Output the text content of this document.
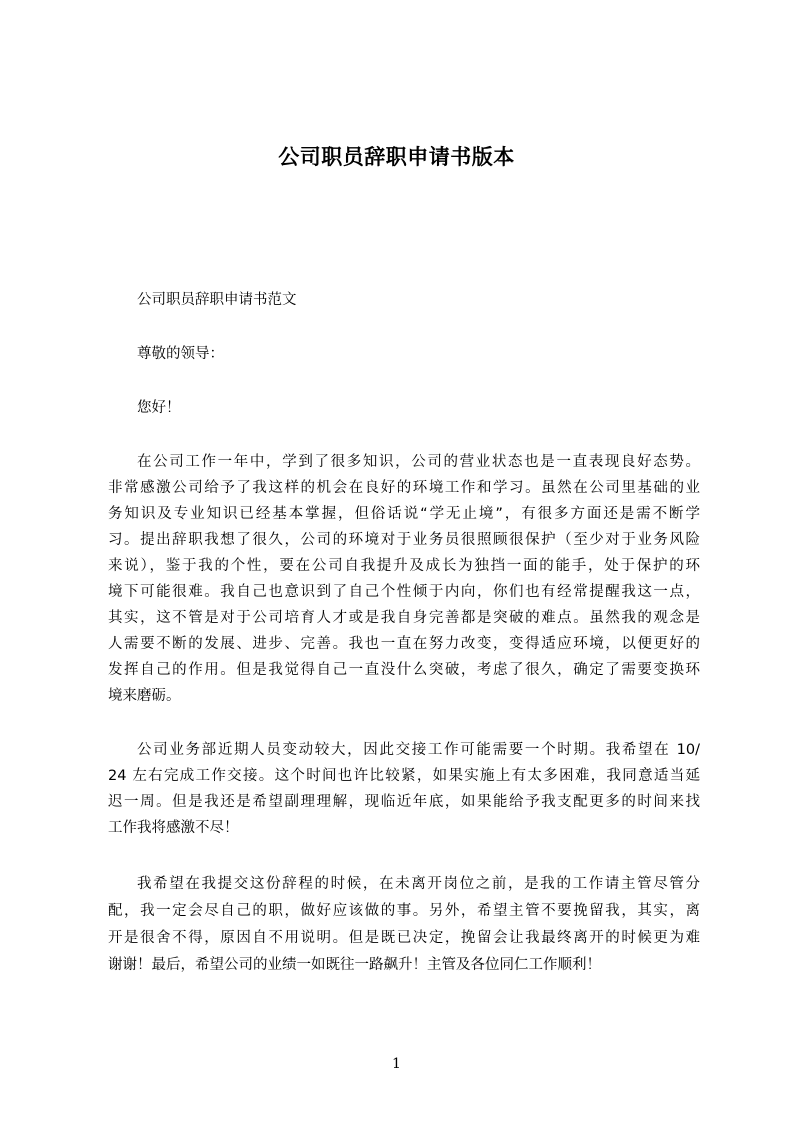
公司职员辞职申请书版本
公司职员辞职申请书范文
尊敬的领导：
您好！
在公司工作一年中，学到了很多知识，公司的营业状态也是一直表现良好态势。
非常感激公司给予了我这样的机会在良好的环境工作和学习。虽然在公司里基础的业
务知识及专业知识已经基本掌握，但俗话说“学无止境”，有很多方面还是需不断学
习。提出辞职我想了很久，公司的环境对于业务员很照顾很保护（至少对于业务风险
来说），鉴于我的个性，要在公司自我提升及成长为独挡一面的能手，处于保护的环
境下可能很难。我自己也意识到了自己个性倾于内向，你们也有经常提醒我这一点，
其实，这不管是对于公司培育人才或是我自身完善都是突破的难点。虽然我的观念是
人需要不断的发展、进步、完善。我也一直在努力改变，变得适应环境，以便更好的
发挥自己的作用。但是我觉得自己一直没什么突破，考虑了很久，确定了需要变换环
境来磨砺。
公司业务部近期人员变动较大，因此交接工作可能需要一个时期。我希望在 10/
24 左右完成工作交接。这个时间也许比较紧，如果实施上有太多困难，我同意适当延
迟一周。但是我还是希望副理理解，现临近年底，如果能给予我支配更多的时间来找
工作我将感激不尽！
我希望在我提交这份辞程的时候，在未离开岗位之前，是我的工作请主管尽管分
配，我一定会尽自己的职，做好应该做的事。另外，希望主管不要挽留我，其实，离
开是很舍不得，原因自不用说明。但是既已决定，挽留会让我最终离开的时候更为难
谢谢！最后，希望公司的业绩一如既往一路飙升！主管及各位同仁工作顺利！
1
